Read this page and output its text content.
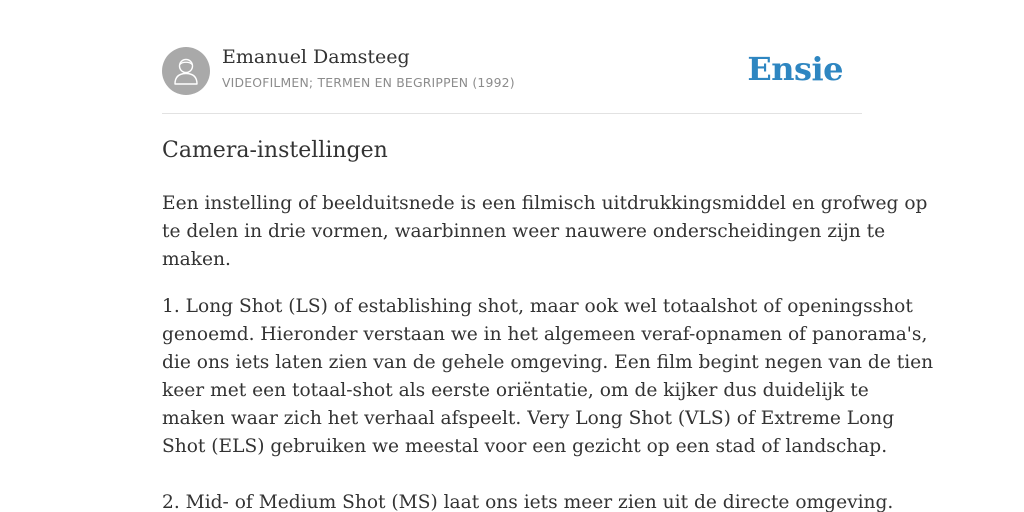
Emanuel Damsteeg
VIDEOFILMEN; TERMEN EN BEGRIPPEN (1992)	Ensie
Camera-instellingen

Een instelling of beelduitsnede is een filmisch uitdrukkingsmiddel en grofweg op
te delen in drie vormen, waarbinnen weer nauwere onderscheidingen zijn te
maken.

1. Long Shot (LS) of establishing shot, maar ook wel totaalshot of openingsshot
genoemd. Hieronder verstaan we in het algemeen veraf-opnamen of panorama's,
die ons iets laten zien van de gehele omgeving. Een film begint negen van de tien
keer met een totaal-shot als eerste oriëntatie, om de kijker dus duidelijk te
maken waar zich het verhaal afspeelt. Very Long Shot (VLS) of Extreme Long
Shot (ELS) gebruiken we meestal voor een gezicht op een stad of landschap.
2. Mid- of Medium Shot (MS) laat ons iets meer zien uit de directe omgeving.
